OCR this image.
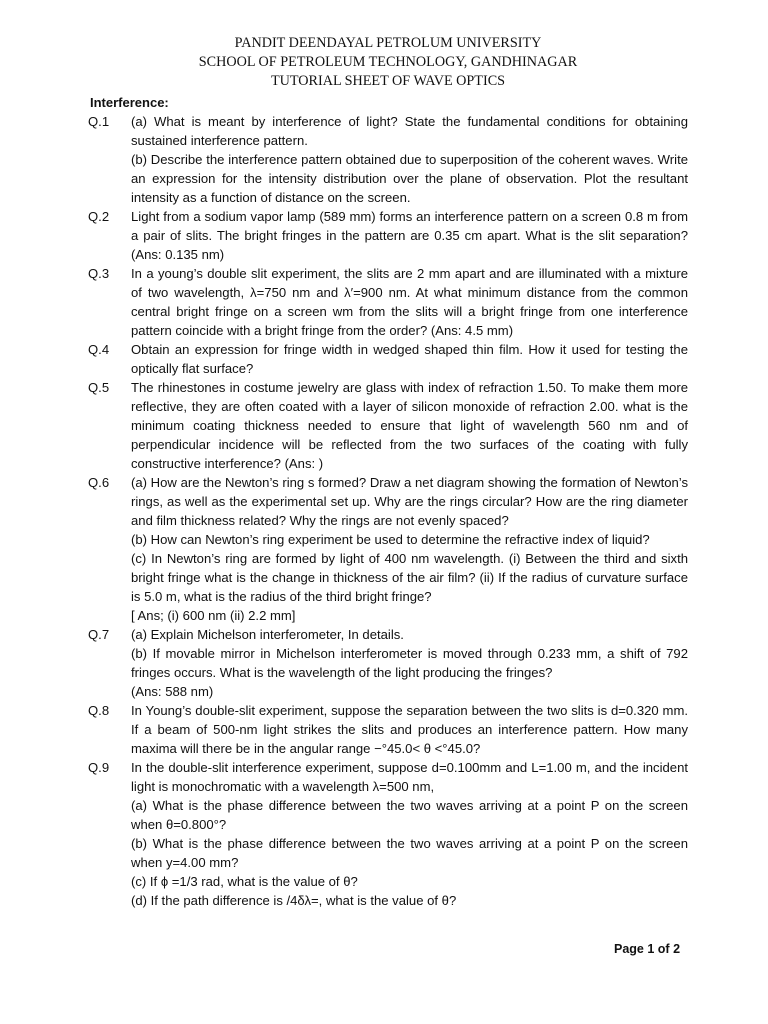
PANDIT DEENDAYAL PETROLUM UNIVERSITY
SCHOOL OF PETROLEUM TECHNOLOGY, GANDHINAGAR
TUTORIAL SHEET OF WAVE OPTICS
Interference:
Q.1	(a) What is meant by interference of light? State the fundamental conditions for obtaining sustained interference pattern.

(b) Describe the interference pattern obtained due to superposition of the coherent waves. Write an expression for the intensity distribution over the plane of observation. Plot the resultant intensity as a function of distance on the screen.

Q.2	Light from a sodium vapor lamp (589 mm) forms an interference pattern on a screen 0.8 m from a pair of slits. The bright fringes in the pattern are 0.35 cm apart. What is the slit separation? (Ans: 0.135 nm)

Q.3	In a young’s double slit experiment, the slits are 2 mm apart and are illuminated with a mixture of two wavelength, λ=750 nm and λ′=900 nm. At what minimum distance from the common central bright fringe on a screen wm from the slits will a bright fringe from one interference pattern coincide with a bright fringe from the order? (Ans: 4.5 mm)

Q.4	Obtain an expression for fringe width in wedged shaped thin film. How it used for testing the optically flat surface?

Q.5	The rhinestones in costume jewelry are glass with index of refraction 1.50. To make them more reflective, they are often coated with a layer of silicon monoxide of refraction 2.00. what is the minimum coating thickness needed to ensure that light of wavelength 560 nm and of perpendicular incidence will be reflected from the two surfaces of the coating with fully constructive interference? (Ans: )

Q.6	(a) How are the Newton’s ring s formed? Draw a net diagram showing the formation of Newton’s rings, as well as the experimental set up. Why are the rings circular? How are the ring diameter and film thickness related? Why the rings are not evenly spaced?

(b) How can Newton’s ring experiment be used to determine the refractive index of liquid?

(c) In Newton’s ring are formed by light of 400 nm wavelength. (i) Between the third and sixth bright fringe what is the change in thickness of the air film? (ii) If the radius of curvature surface is 5.0 m, what is the radius of the third bright fringe?

[ Ans; (i) 600 nm (ii) 2.2 mm]

Q.7	(a) Explain Michelson interferometer, In details.

(b) If movable mirror in Michelson interferometer is moved through 0.233 mm, a shift of 792 fringes occurs. What is the wavelength of the light producing the fringes?

(Ans: 588 nm)

Q.8	In Young’s double-slit experiment, suppose the separation between the two slits is d=0.320 mm. If a beam of 500-nm light strikes the slits and produces an interference pattern. How many maxima will there be in the angular range −°45.0< θ <°45.0?

Q.9	In the double-slit interference experiment, suppose d=0.100mm and L=1.00 m, and the incident light is monochromatic with a wavelength λ=500 nm,

(a) What is the phase difference between the two waves arriving at a point P on the screen when θ=0.800°?

(b) What is the phase difference between the two waves arriving at a point P on the screen when y=4.00 mm?

(c) If ϕ =1/3 rad, what is the value of θ?

(d) If the path difference is /4δλ=, what is the value of θ?

Page 1 of 2
